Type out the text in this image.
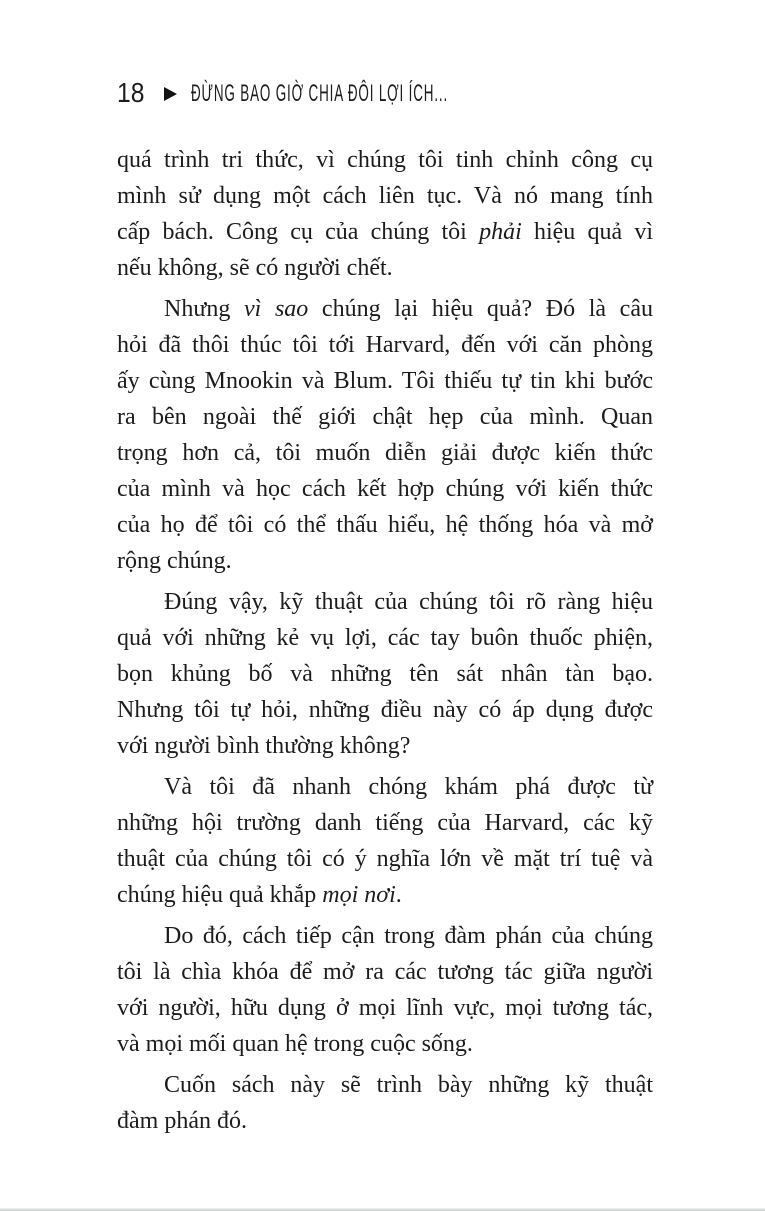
18 ĐỪNG BAO GIỜ CHIA ĐÔI LỢI ÍCH...
quá trình tri thức, vì chúng tôi tinh chỉnh công cụ
mình sử dụng một cách liên tục. Và nó mang tính
cấp bách. Công cụ của chúng tôi phải hiệu quả vì
nếu không, sẽ có người chết.
Nhưng vì sao chúng lại hiệu quả? Đó là câu
hỏi đã thôi thúc tôi tới Harvard, đến với căn phòng
ấy cùng Mnookin và Blum. Tôi thiếu tự tin khi bước
ra bên ngoài thế giới chật hẹp của mình. Quan
trọng hơn cả, tôi muốn diễn giải được kiến thức
của mình và học cách kết hợp chúng với kiến thức
của họ để tôi có thể thấu hiểu, hệ thống hóa và mở
rộng chúng.
Đúng vậy, kỹ thuật của chúng tôi rõ ràng hiệu
quả với những kẻ vụ lợi, các tay buôn thuốc phiện,
bọn khủng bố và những tên sát nhân tàn bạo.
Nhưng tôi tự hỏi, những điều này có áp dụng được
với người bình thường không?
Và tôi đã nhanh chóng khám phá được từ
những hội trường danh tiếng của Harvard, các kỹ
thuật của chúng tôi có ý nghĩa lớn về mặt trí tuệ và
chúng hiệu quả khắp mọi nơi.
Do đó, cách tiếp cận trong đàm phán của chúng
tôi là chìa khóa để mở ra các tương tác giữa người
với người, hữu dụng ở mọi lĩnh vực, mọi tương tác,
và mọi mối quan hệ trong cuộc sống.
Cuốn sách này sẽ trình bày những kỹ thuật
đàm phán đó.
